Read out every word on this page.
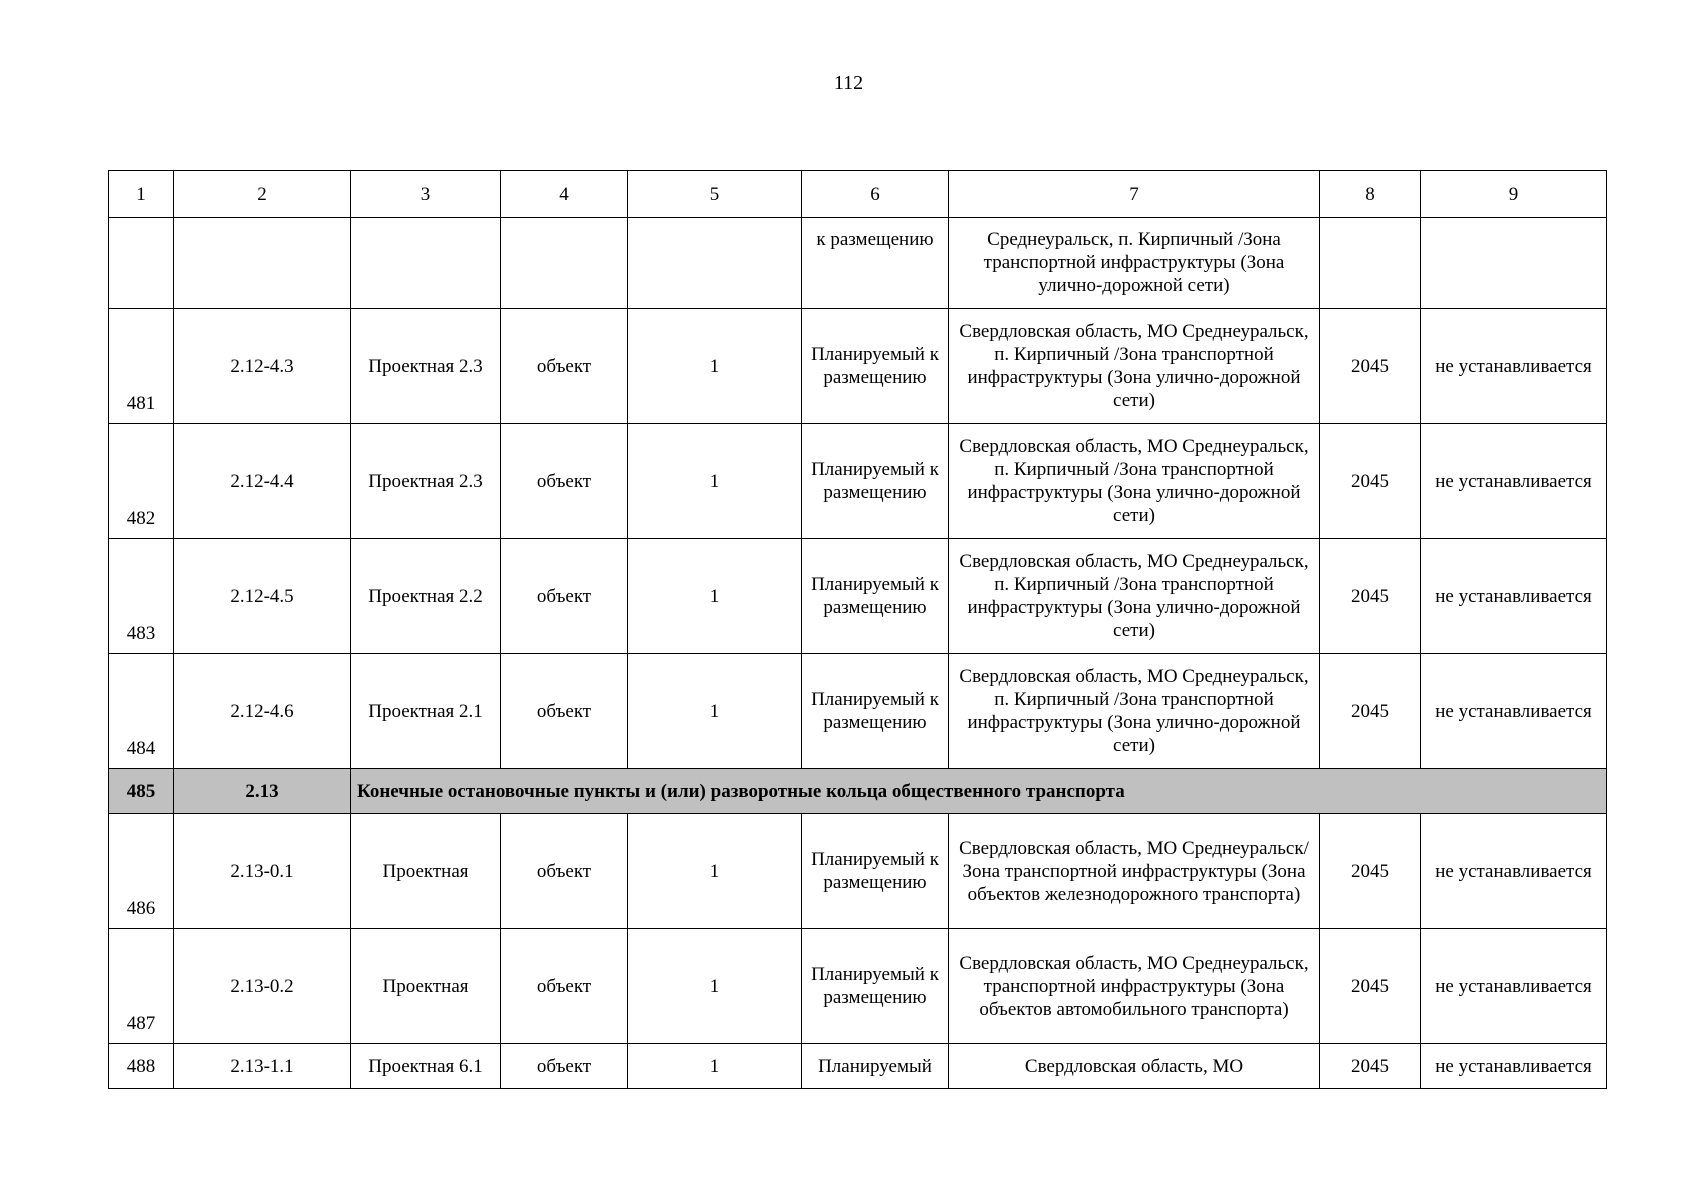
112
1	2	3	4	5	6	7	8	9
					к размещению	Среднеуральск, п. Кирпичный /Зона транспортной инфраструктуры (Зона улично-дорожной сети)		
481	2.12-4.3	Проектная 2.3	объект	1	Планируемый к размещению	Свердловская область, МО Среднеуральск, п. Кирпичный /Зона транспортной инфраструктуры (Зона улично-дорожной сети)	2045	не устанавливается
482	2.12-4.4	Проектная 2.3	объект	1	Планируемый к размещению	Свердловская область, МО Среднеуральск, п. Кирпичный /Зона транспортной инфраструктуры (Зона улично-дорожной сети)	2045	не устанавливается
483	2.12-4.5	Проектная 2.2	объект	1	Планируемый к размещению	Свердловская область, МО Среднеуральск, п. Кирпичный /Зона транспортной инфраструктуры (Зона улично-дорожной сети)	2045	не устанавливается
484	2.12-4.6	Проектная 2.1	объект	1	Планируемый к размещению	Свердловская область, МО Среднеуральск, п. Кирпичный /Зона транспортной инфраструктуры (Зона улично-дорожной сети)	2045	не устанавливается
485	2.13	Конечные остановочные пункты и (или) разворотные кольца общественного транспорта						
486	2.13-0.1	Проектная	объект	1	Планируемый к размещению	Свердловская область, МО Среднеуральск/ Зона транспортной инфраструктуры (Зона объектов железнодорожного транспорта)	2045	не устанавливается
487	2.13-0.2	Проектная	объект	1	Планируемый к размещению	Свердловская область, МО Среднеуральск, транспортной инфраструктуры (Зона объектов автомобильного транспорта)	2045	не устанавливается
488	2.13-1.1	Проектная 6.1	объект	1	Планируемый	Свердловская область, МО	2045	не устанавливается
